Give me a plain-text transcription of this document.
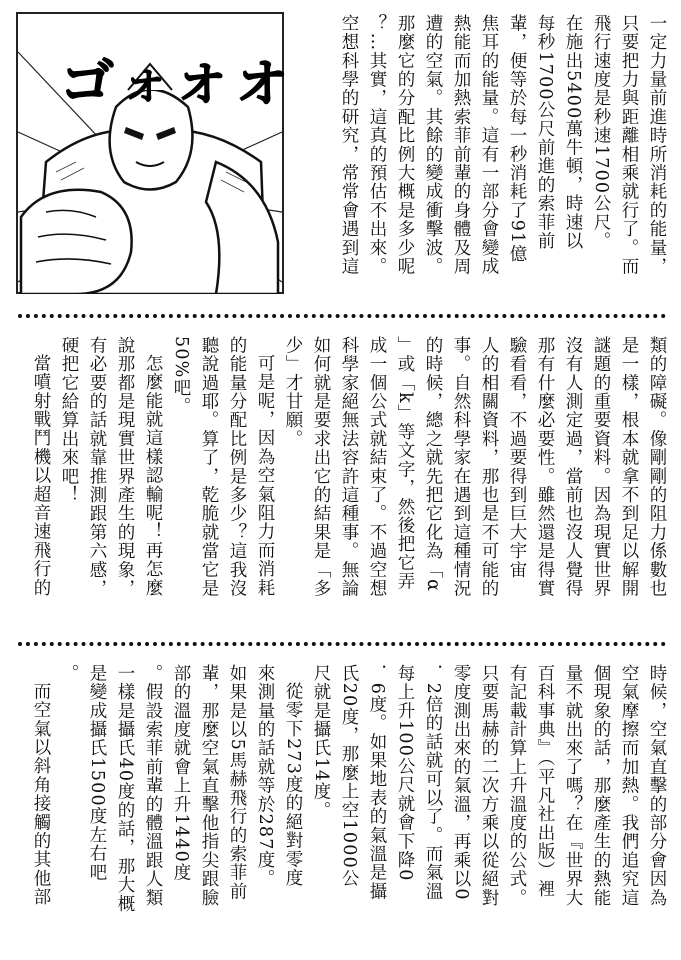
ゴ オ オ オ	一定力量前進時所消耗的能量，
只要把力與距離相乘就行了。而
飛行速度是秒速1700公尺。
在施出5400萬牛頓，時速以
每秒1700公尺前進的索菲前
輩，便等於每一秒消耗了91億
焦耳的能量。這有一部分會變成
熱能而加熱索菲前輩的身體及周
遭的空氣。其餘的變成衝擊波。
那麼它的分配比例大概是多少呢
？…其實，這真的預估不出來。
空想科學的研究，常常會遇到這
類的障礙。像剛剛的阻力係數也
是一樣，根本就拿不到足以解開
謎題的重要資料。因為現實世界
沒有人測定過，當前也沒人覺得
那有什麼必要性。雖然還是得實
驗看看，不過要得到巨大宇宙
人的相關資料，那也是不可能的
事。自然科學家在遇到這種情況
的時候，總之就先把它化為「α
」或「k」等文字，然後把它弄
成一個公式就結束了。不過空想
科學家絕無法容許這種事。無論
如何就是要求出它的結果是「多
少」才甘願。
可是呢，因為空氣阻力而消耗
的能量分配比例是多少？這我沒
聽說過耶。算了，乾脆就當它是
50%吧。
怎麼能就這樣認輸呢！再怎麼
說那都是現實世界產生的現象，
有必要的話就靠推測跟第六感，
硬把它給算出來吧！
當噴射戰鬥機以超音速飛行的
時候，空氣直擊的部分會因為
空氣摩擦而加熱。我們追究這
個現象的話，那麼產生的熱能
量不就出來了嗎？在『世界大
百科事典』（平凡社出版）裡
有記載計算上升溫度的公式。
只要馬赫的二次方乘以從絕對
零度測出來的氣溫，再乘以0
．2倍的話就可以了。而氣溫
每上升100公尺就會下降0
．6度。如果地表的氣溫是攝
氏20度，那麼上空1000公
尺就是攝氏14度。
從零下273度的絕對零度
來測量的話就等於287度。
如果是以5馬赫飛行的索菲前
輩，那麼空氣直擊他指尖跟臉
部的溫度就會上升1440度
。假設索菲前輩的體溫跟人類
一樣是攝氏40度的話，那大概
是變成攝氏1500度左右吧
。
而空氣以斜角接觸的其他部
